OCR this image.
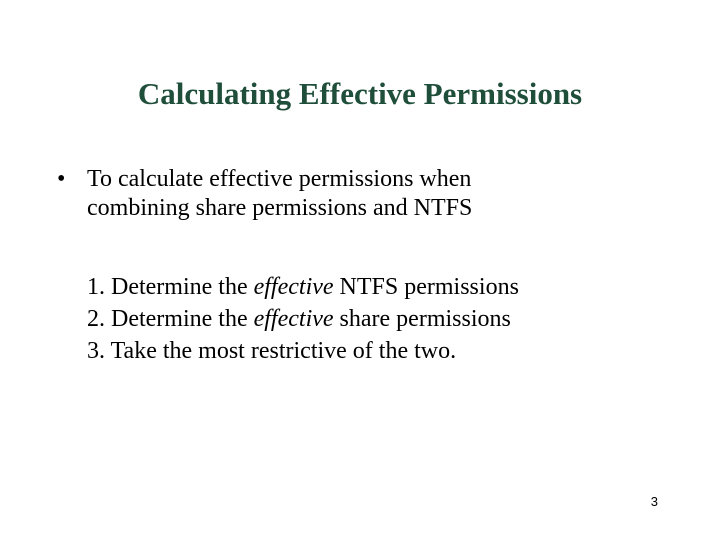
Calculating Effective Permissions
• To calculate effective permissions when
combining share permissions and NTFS
1. Determine the effective NTFS permissions
2. Determine the effective share permissions
3. Take the most restrictive of the two.
3
